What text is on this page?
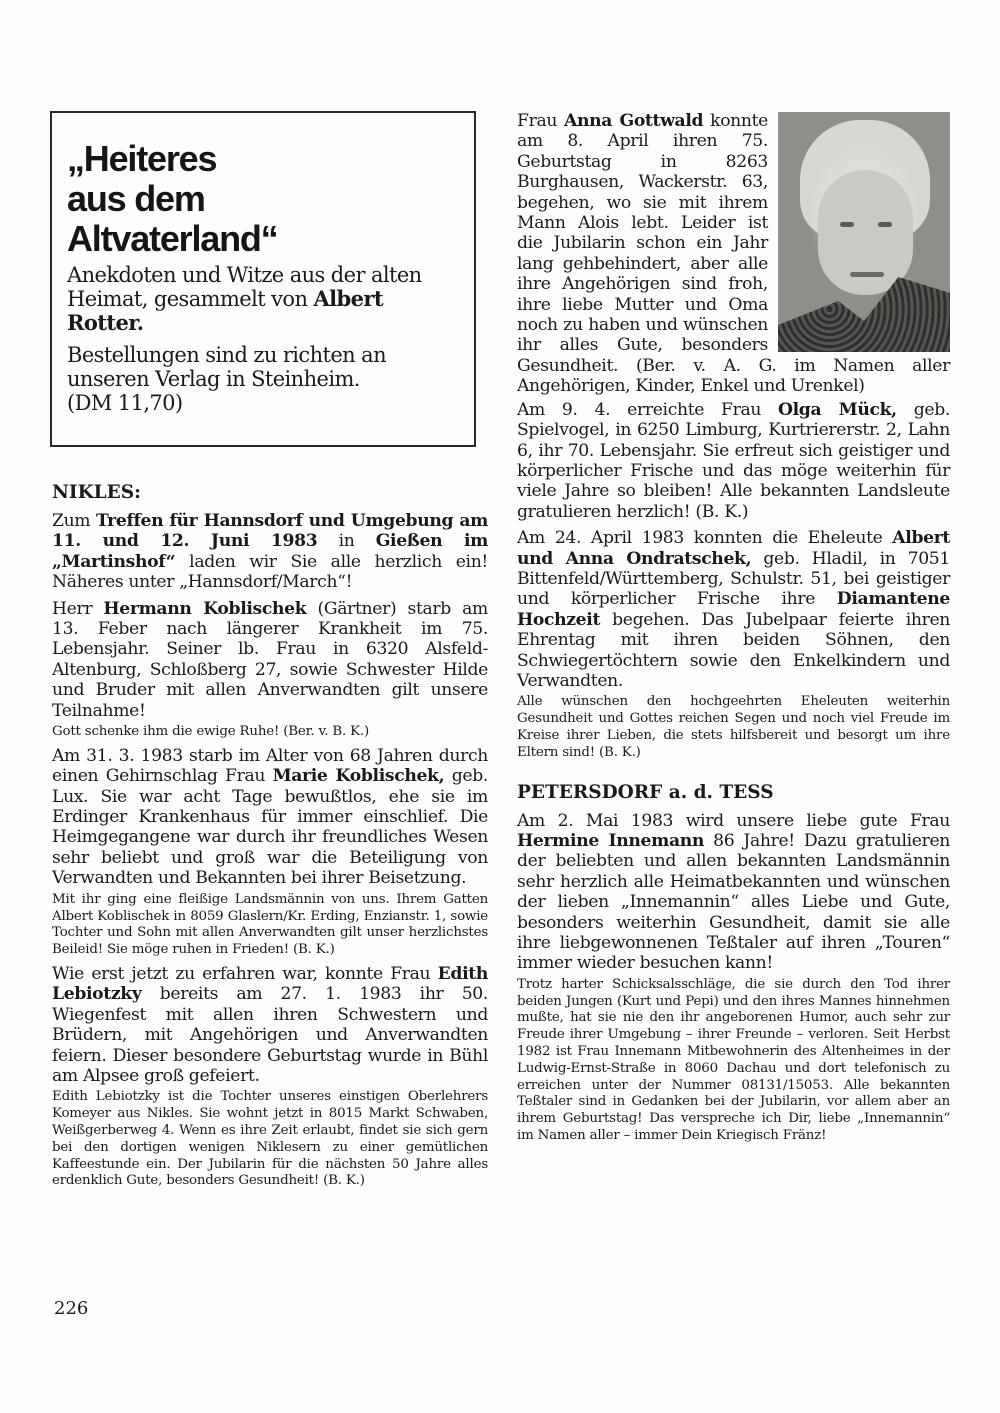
„Heiteres
aus dem
Altvaterland“

Anekdoten und Witze aus der alten Heimat, gesammelt von Albert Rotter.

Bestellungen sind zu richten an unseren Verlag in Steinheim.
(DM 11,70)

NIKLES:

Zum Treffen für Hannsdorf und Umgebung am 11. und 12. Juni 1983 in Gießen im „Martinshof“ laden wir Sie alle herzlich ein! Näheres unter „Hannsdorf/March“!

Herr Hermann Koblischek (Gärtner) starb am 13. Feber nach längerer Krankheit im 75. Lebensjahr. Seiner lb. Frau in 6320 Alsfeld-Altenburg, Schloßberg 27, sowie Schwester Hilde und Bruder mit allen Anverwandten gilt unsere Teilnahme!

Gott schenke ihm die ewige Ruhe! (Ber. v. B. K.)

Am 31. 3. 1983 starb im Alter von 68 Jahren durch einen Gehirnschlag Frau Marie Koblischek, geb. Lux. Sie war acht Tage bewußtlos, ehe sie im Erdinger Krankenhaus für immer einschlief. Die Heimgegangene war durch ihr freundliches Wesen sehr beliebt und groß war die Beteiligung von Verwandten und Bekannten bei ihrer Beisetzung.

Mit ihr ging eine fleißige Landsmännin von uns. Ihrem Gatten Albert Koblischek in 8059 Glaslern/Kr. Erding, Enzianstr. 1, sowie Tochter und Sohn mit allen Anverwandten gilt unser herzlichstes Beileid! Sie möge ruhen in Frieden! (B. K.)

Wie erst jetzt zu erfahren war, konnte Frau Edith Lebiotzky bereits am 27. 1. 1983 ihr 50. Wiegenfest mit allen ihren Schwestern und Brüdern, mit Angehörigen und Anverwandten feiern. Dieser besondere Geburtstag wurde in Bühl am Alpsee groß gefeiert.

Edith Lebiotzky ist die Tochter unseres einstigen Oberlehrers Komeyer aus Nikles. Sie wohnt jetzt in 8015 Markt Schwaben, Weißgerberweg 4. Wenn es ihre Zeit erlaubt, findet sie sich gern bei den dortigen wenigen Niklesern zu einer gemütlichen Kaffeestunde ein. Der Jubilarin für die nächsten 50 Jahre alles erdenklich Gute, besonders Gesundheit! (B. K.)

Frau Anna Gottwald konnte am 8. April ihren 75. Geburtstag in 8263 Burghausen, Wackerstr. 63, begehen, wo sie mit ihrem Mann Alois lebt. Leider ist die Jubilarin schon ein Jahr lang gehbehindert, aber alle ihre Angehörigen sind froh, ihre liebe Mutter und Oma noch zu haben und wünschen ihr alles Gute, besonders Gesundheit. (Ber. v. A. G. im Namen aller Angehörigen, Kinder, Enkel und Urenkel)

Am 9. 4. erreichte Frau Olga Mück, geb. Spielvogel, in 6250 Limburg, Kurtriererstr. 2, Lahn 6, ihr 70. Lebensjahr. Sie erfreut sich geistiger und körperlicher Frische und das möge weiterhin für viele Jahre so bleiben! Alle bekannten Landsleute gratulieren herzlich! (B. K.)

Am 24. April 1983 konnten die Eheleute Albert und Anna Ondratschek, geb. Hladil, in 7051 Bittenfeld/Württemberg, Schulstr. 51, bei geistiger und körperlicher Frische ihre Diamantene Hochzeit begehen. Das Jubelpaar feierte ihren Ehrentag mit ihren beiden Söhnen, den Schwiegertöchtern sowie den Enkelkindern und Verwandten.

Alle wünschen den hochgeehrten Eheleuten weiterhin Gesundheit und Gottes reichen Segen und noch viel Freude im Kreise ihrer Lieben, die stets hilfsbereit und besorgt um ihre Eltern sind! (B. K.)

PETERSDORF a. d. TESS

Am 2. Mai 1983 wird unsere liebe gute Frau Hermine Innemann 86 Jahre! Dazu gratulieren der beliebten und allen bekannten Landsmännin sehr herzlich alle Heimatbekannten und wünschen der lieben „Innemannin“ alles Liebe und Gute, besonders weiterhin Gesundheit, damit sie alle ihre liebgewonnenen Teßtaler auf ihren „Touren“ immer wieder besuchen kann!

Trotz harter Schicksalsschläge, die sie durch den Tod ihrer beiden Jungen (Kurt und Pepi) und den ihres Mannes hinnehmen mußte, hat sie nie den ihr angeborenen Humor, auch sehr zur Freude ihrer Umgebung – ihrer Freunde – verloren. Seit Herbst 1982 ist Frau Innemann Mitbewohnerin des Altenheimes in der Ludwig-Ernst-Straße in 8060 Dachau und dort telefonisch zu erreichen unter der Nummer 08131/15053. Alle bekannten Teßtaler sind in Gedanken bei der Jubilarin, vor allem aber an ihrem Geburtstag! Das verspreche ich Dir, liebe „Innemannin“ im Namen aller – immer Dein Kriegisch Fränz!

226
